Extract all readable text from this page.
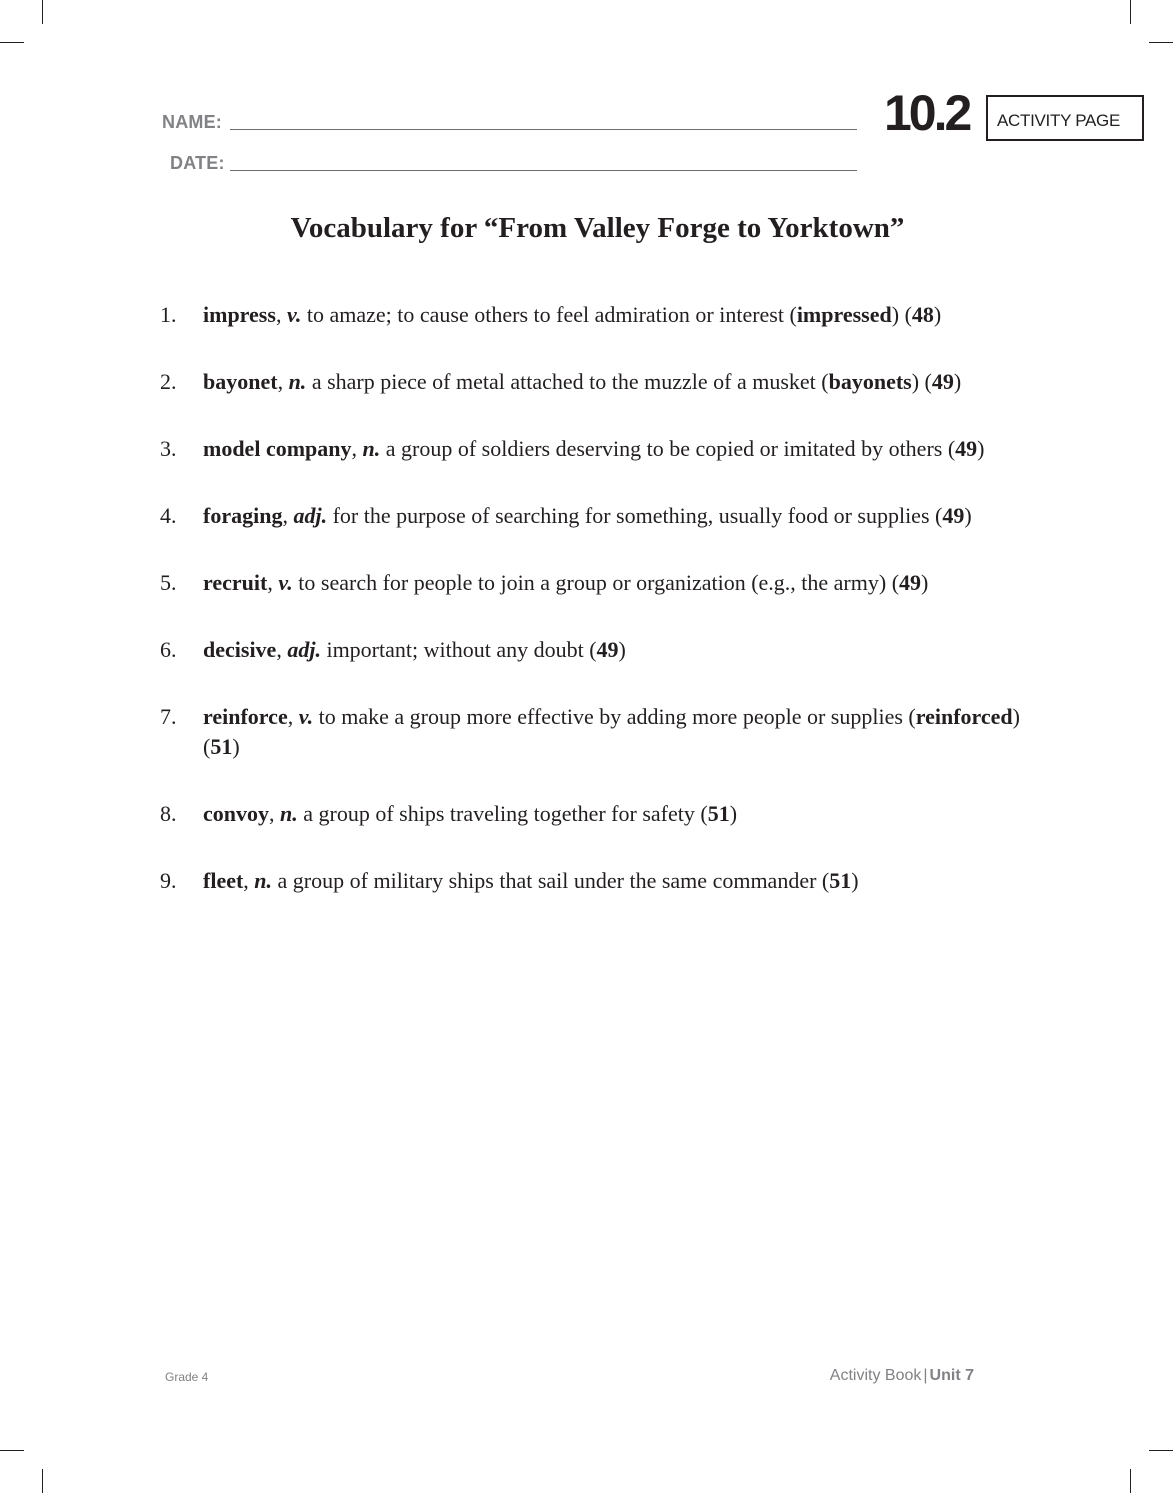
NAME:
DATE:
10.2	ACTIVITY PAGE
Vocabulary for “From Valley Forge to Yorktown”
1. impress, v. to amaze; to cause others to feel admiration or interest (impressed) (48)
2. bayonet, n. a sharp piece of metal attached to the muzzle of a musket (bayonets) (49)
3. model company, n. a group of soldiers deserving to be copied or imitated by others (49)
4. foraging, adj. for the purpose of searching for something, usually food or supplies (49)
5. recruit, v. to search for people to join a group or organization (e.g., the army) (49)
6. decisive, adj. important; without any doubt (49)
7. reinforce, v. to make a group more effective by adding more people or supplies (reinforced) (51)
8. convoy, n. a group of ships traveling together for safety (51)
9. fleet, n. a group of military ships that sail under the same commander (51)
Grade 4	Activity Book | Unit 7
